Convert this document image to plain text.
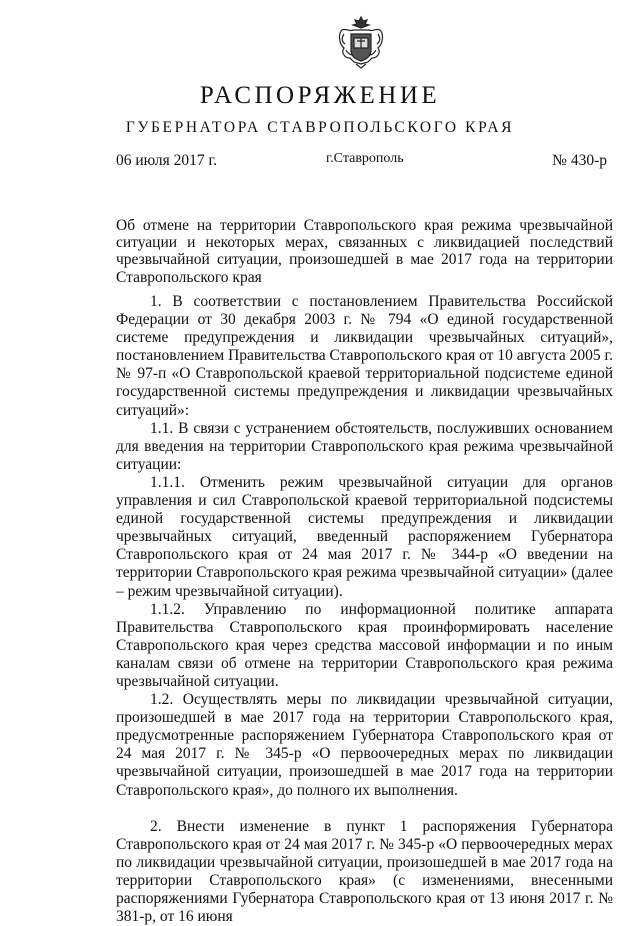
РАСПОРЯЖЕНИЕ
ГУБЕРНАТОРА СТАВРОПОЛЬСКОГО КРАЯ
06 июля 2017 г.	г.Ставрополь	№ 430-р
Об отмене на территории Ставропольского края режима чрезвычайной ситуации и некоторых мерах, связанных с ликвидацией последствий чрезвычайной ситуации, произошедшей в мае 2017 года на территории Ставропольского края

1. В соответствии с постановлением Правительства Российской Федерации от 30 декабря 2003 г. № 794 «О единой государственной системе предупреждения и ликвидации чрезвычайных ситуаций», постановлением Правительства Ставропольского края от 10 августа 2005 г. № 97-п «О Ставропольской краевой территориальной подсистеме единой государственной системы предупреждения и ликвидации чрезвычайных ситуаций»:

1.1. В связи с устранением обстоятельств, послуживших основанием для введения на территории Ставропольского края режима чрезвычайной ситуации:

1.1.1. Отменить режим чрезвычайной ситуации для органов управления и сил Ставропольской краевой территориальной подсистемы единой государственной системы предупреждения и ликвидации чрезвычайных ситуаций, введенный распоряжением Губернатора Ставропольского края от 24 мая 2017 г. № 344-р «О введении на территории Ставропольского края режима чрезвычайной ситуации» (далее – режим чрезвычайной ситуации).

1.1.2. Управлению по информационной политике аппарата Правительства Ставропольского края проинформировать население Ставропольского края через средства массовой информации и по иным каналам связи об отмене на территории Ставропольского края режима чрезвычайной ситуации.

1.2. Осуществлять меры по ликвидации чрезвычайной ситуации, произошедшей в мае 2017 года на территории Ставропольского края, предусмотренные распоряжением Губернатора Ставропольского края от 24 мая 2017 г. № 345-р «О первоочередных мерах по ликвидации чрезвычайной ситуации, произошедшей в мае 2017 года на территории Ставропольского края», до полного их выполнения.

2. Внести изменение в пункт 1 распоряжения Губернатора Ставропольского края от 24 мая 2017 г. № 345-р «О первоочередных мерах по ликвидации чрезвычайной ситуации, произошедшей в мае 2017 года на территории Ставропольского края» (с изменениями, внесенными распоряжениями Губернатора Ставропольского края от 13 июня 2017 г. № 381-р, от 16 июня
